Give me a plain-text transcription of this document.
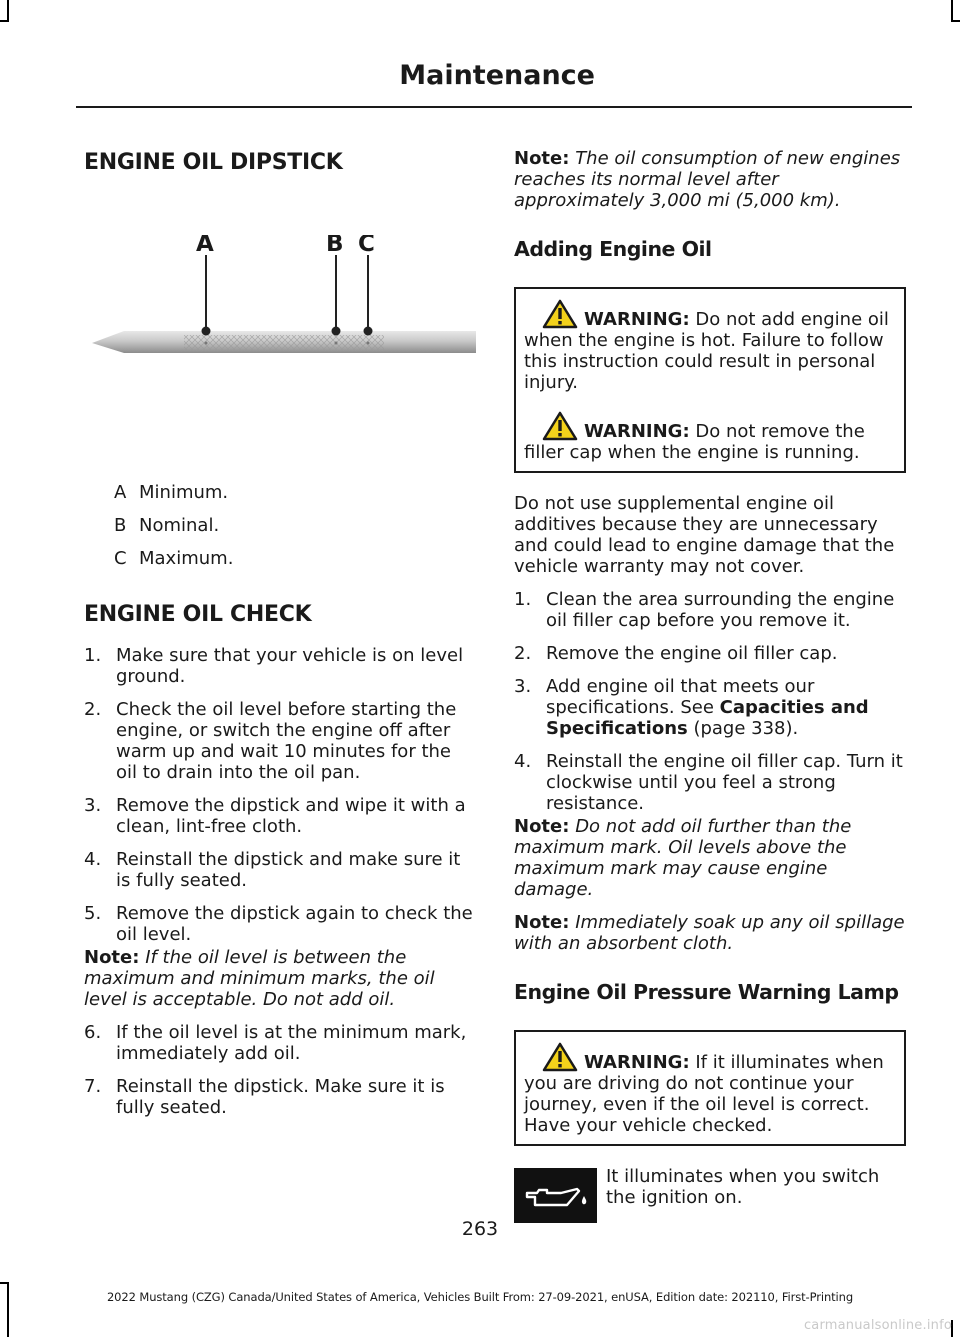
Maintenance
ENGINE OIL DIPSTICK
A	B C
A Minimum.
B Nominal.
C Maximum.
ENGINE OIL CHECK
1. Make sure that your vehicle is on level ground.
2. Check the oil level before starting the engine, or switch the engine off after warm up and wait 10 minutes for the oil to drain into the oil pan.
3. Remove the dipstick and wipe it with a clean, lint-free cloth.
4. Reinstall the dipstick and make sure it is fully seated.
5. Remove the dipstick again to check the oil level.

Note: If the oil level is between the maximum and minimum marks, the oil level is acceptable. Do not add oil.

6. If the oil level is at the minimum mark, immediately add oil.
7. Reinstall the dipstick. Make sure it is fully seated.

Note: The oil consumption of new engines reaches its normal level after approximately 3,000 mi (5,000 km).

Adding Engine Oil

WARNING: Do not add engine oil when the engine is hot. Failure to follow this instruction could result in personal injury.

WARNING: Do not remove the filler cap when the engine is running.

Do not use supplemental engine oil additives because they are unnecessary and could lead to engine damage that the vehicle warranty may not cover.

1. Clean the area surrounding the engine oil filler cap before you remove it.
2. Remove the engine oil filler cap.
3. Add engine oil that meets our specifications. See Capacities and Specifications (page 338).
4. Reinstall the engine oil filler cap. Turn it clockwise until you feel a strong resistance.

Note: Do not add oil further than the maximum mark. Oil levels above the maximum mark may cause engine damage.

Note: Immediately soak up any oil spillage with an absorbent cloth.

Engine Oil Pressure Warning Lamp

WARNING: If it illuminates when you are driving do not continue your journey, even if the oil level is correct. Have your vehicle checked.

It illuminates when you switch the ignition on.

263
2022 Mustang (CZG) Canada/United States of America, Vehicles Built From: 27-09-2021, enUSA, Edition date: 202110, First-Printing
carmanualsonline.info
